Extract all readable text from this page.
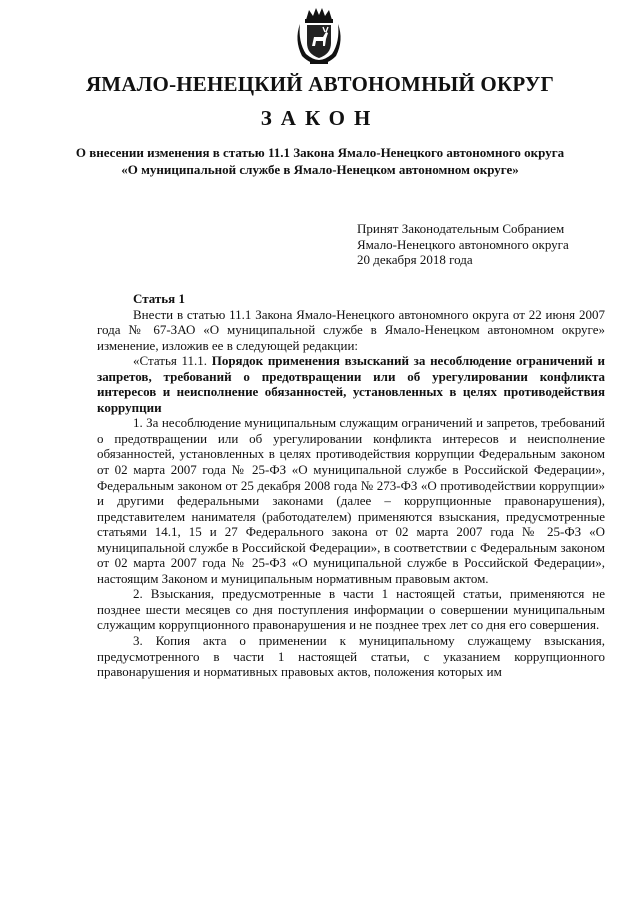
ЯМАЛО-НЕНЕЦКИЙ АВТОНОМНЫЙ ОКРУГ
ЗАКОН
О внесении изменения в статью 11.1 Закона Ямало-Ненецкого автономного округа «О муниципальной службе в Ямало-Ненецком автономном округе»
Принят Законодательным Собранием
Ямало-Ненецкого автономного округа
20 декабря 2018 года

Статья 1

Внести в статью 11.1 Закона Ямало-Ненецкого автономного округа от 22 июня 2007 года № 67-ЗАО «О муниципальной службе в Ямало-Ненецком автономном округе» изменение, изложив ее в следующей редакции:

«Статья 11.1. Порядок применения взысканий за несоблюдение ограничений и запретов, требований о предотвращении или об урегулировании конфликта интересов и неисполнение обязанностей, установленных в целях противодействия коррупции

1. За несоблюдение муниципальным служащим ограничений и запретов, требований о предотвращении или об урегулировании конфликта интересов и неисполнение обязанностей, установленных в целях противодействия коррупции Федеральным законом от 02 марта 2007 года № 25-ФЗ «О муниципальной службе в Российской Федерации», Федеральным законом от 25 декабря 2008 года № 273-ФЗ «О противодействии коррупции» и другими федеральными законами (далее – коррупционные правонарушения), представителем нанимателя (работодателем) применяются взыскания, предусмотренные статьями 14.1, 15 и 27 Федерального закона от 02 марта 2007 года № 25-ФЗ «О муниципальной службе в Российской Федерации», в соответствии с Федеральным законом от 02 марта 2007 года № 25-ФЗ «О муниципальной службе в Российской Федерации», настоящим Законом и муниципальным нормативным правовым актом.

2. Взыскания, предусмотренные в части 1 настоящей статьи, применяются не позднее шести месяцев со дня поступления информации о совершении муниципальным служащим коррупционного правонарушения и не позднее трех лет со дня его совершения.

3. Копия акта о применении к муниципальному служащему взыскания, предусмотренного в части 1 настоящей статьи, с указанием коррупционного правонарушения и нормативных правовых актов, положения которых им
